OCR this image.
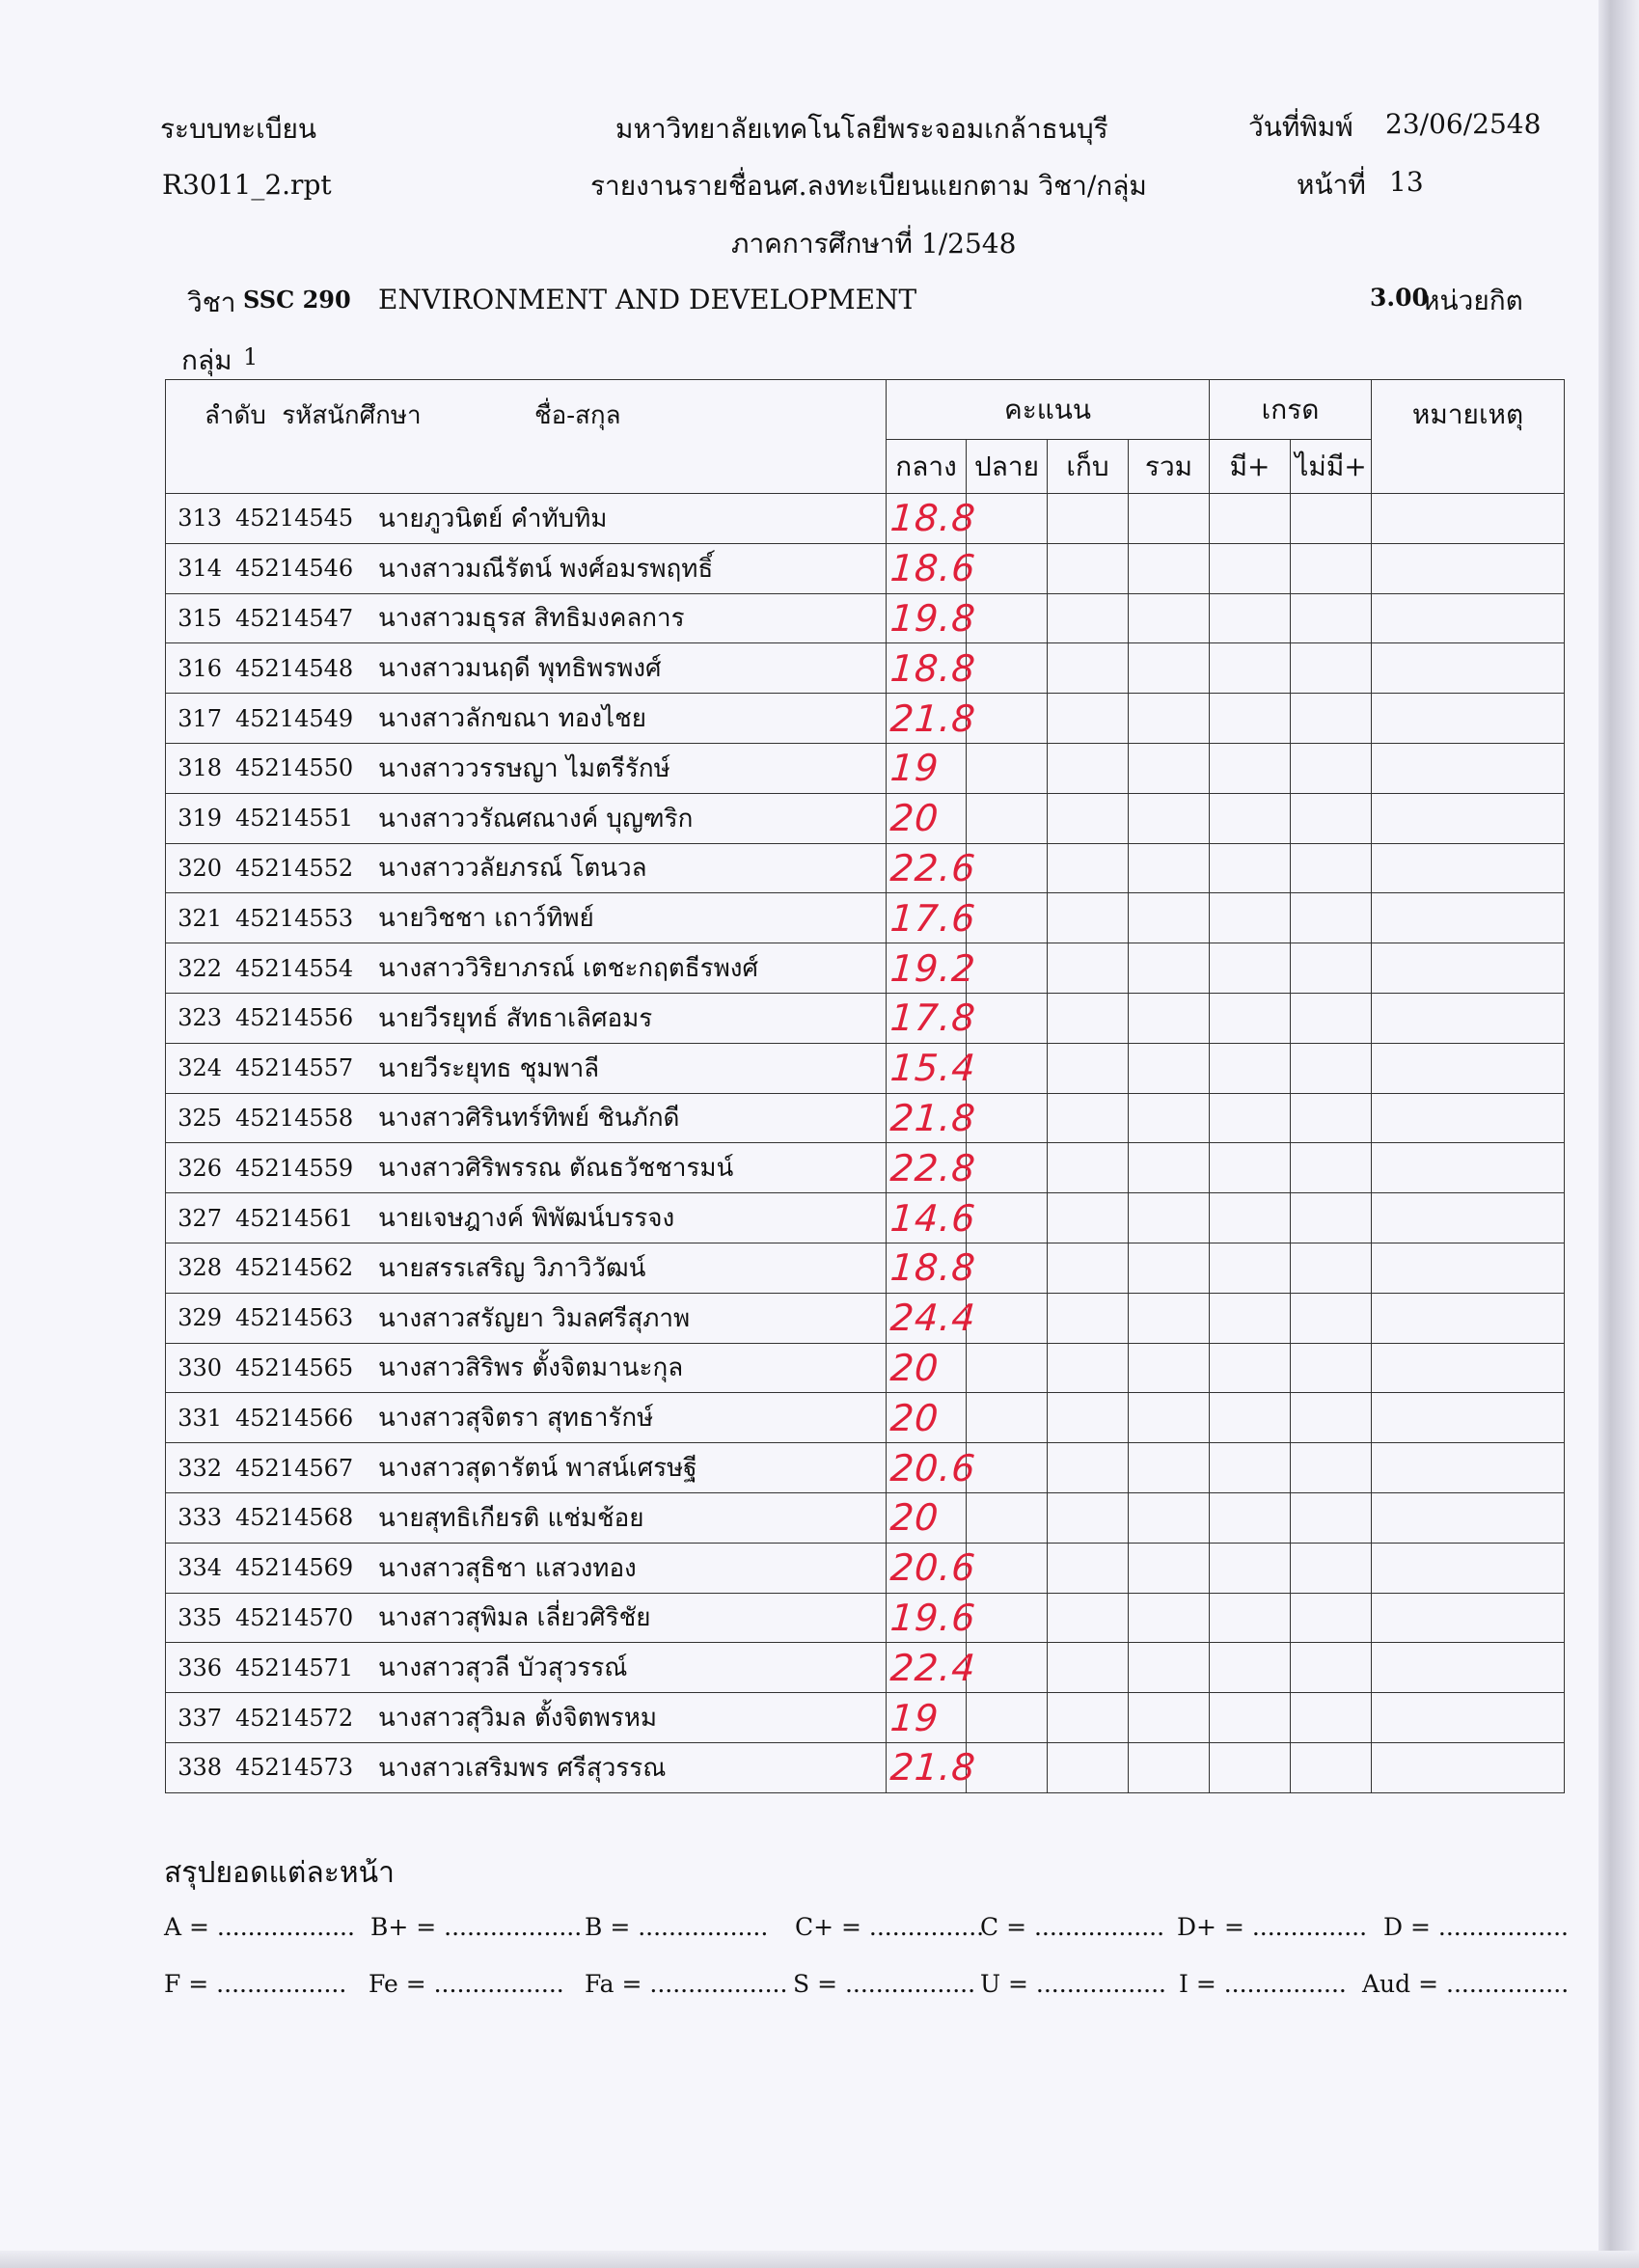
ระบบทะเบียน
R3011_2.rpt
มหาวิทยาลัยเทคโนโลยีพระจอมเกล้าธนบุรี
รายงานรายชื่อนศ.ลงทะเบียนแยกตาม วิชา/กลุ่ม
ภาคการศึกษาที่ 1/2548
วันที่พิมพ์ 23/06/2548
หน้าที่ 13
วิชา SSC 290 ENVIRONMENT AND DEVELOPMENT	3.00
หน่วยกิต
กลุ่ม 1
ลำดับ รหัสนักศึกษา ชื่อ-สกุล	คะแนน				เกรด		หมายเหตุ
	กลาง	ปลาย	เก็บ	รวม	มี+	ไม่มี+	

313 45214545 นายภูวนิตย์ คำทับทิม	18.8						

314 45214546 นางสาวมณีรัตน์ พงศ์อมรพฤทธิ์	18.6						

315 45214547 นางสาวมธุรส สิทธิมงคลการ	19.8						

316 45214548 นางสาวมนฤดี พุทธิพรพงศ์	18.8						

317 45214549 นางสาวลักขณา ทองไชย	21.8						

318 45214550 นางสาววรรษญา ไมตรีรักษ์	19						

319 45214551 นางสาววรัณศณางค์ บุญฑริก	20						

320 45214552 นางสาววลัยภรณ์ โตนวล	22.6						

321 45214553 นายวิชชา เถาว์ทิพย์	17.6						

322 45214554 นางสาววิริยาภรณ์ เตชะกฤตธีรพงศ์	19.2						

323 45214556 นายวีรยุทธ์ สัทธาเลิศอมร	17.8						

324 45214557 นายวีระยุทธ ชุมพาลี	15.4						

325 45214558 นางสาวศิรินทร์ทิพย์ ชินภักดี	21.8						

326 45214559 นางสาวศิริพรรณ ตัณธวัชชารมน์	22.8						

327 45214561 นายเจษฎางค์ พิพัฒน์บรรจง	14.6						

328 45214562 นายสรรเสริญ วิภาวิวัฒน์	18.8						

329 45214563 นางสาวสรัญยา วิมลศรีสุภาพ	24.4						

330 45214565 นางสาวสิริพร ตั้งจิตมานะกุล	20						

331 45214566 นางสาวสุจิตรา สุทธารักษ์	20						

332 45214567 นางสาวสุดารัตน์ พาสน์เศรษฐี	20.6						

333 45214568 นายสุทธิเกียรติ แช่มช้อย	20						

334 45214569 นางสาวสุธิชา แสวงทอง	20.6						

335 45214570 นางสาวสุพิมล เลี่ยวศิริชัย	19.6						

336 45214571 นางสาวสุวลี บัวสุวรรณ์	22.4						

337 45214572 นางสาวสุวิมล ตั้งจิตพรหม	19						

338 45214573 นางสาวเสริมพร ศรีสุวรรณ	21.8						
สรุปยอดแต่ละหน้า
A = .................. B+ = .................. B = ................. C+ = ...............
C = ................. D+ = ............... D = .................
F = ................. Fe = ................. Fa = .................. S = ................. U = ................. I = ................ Aud = ................
